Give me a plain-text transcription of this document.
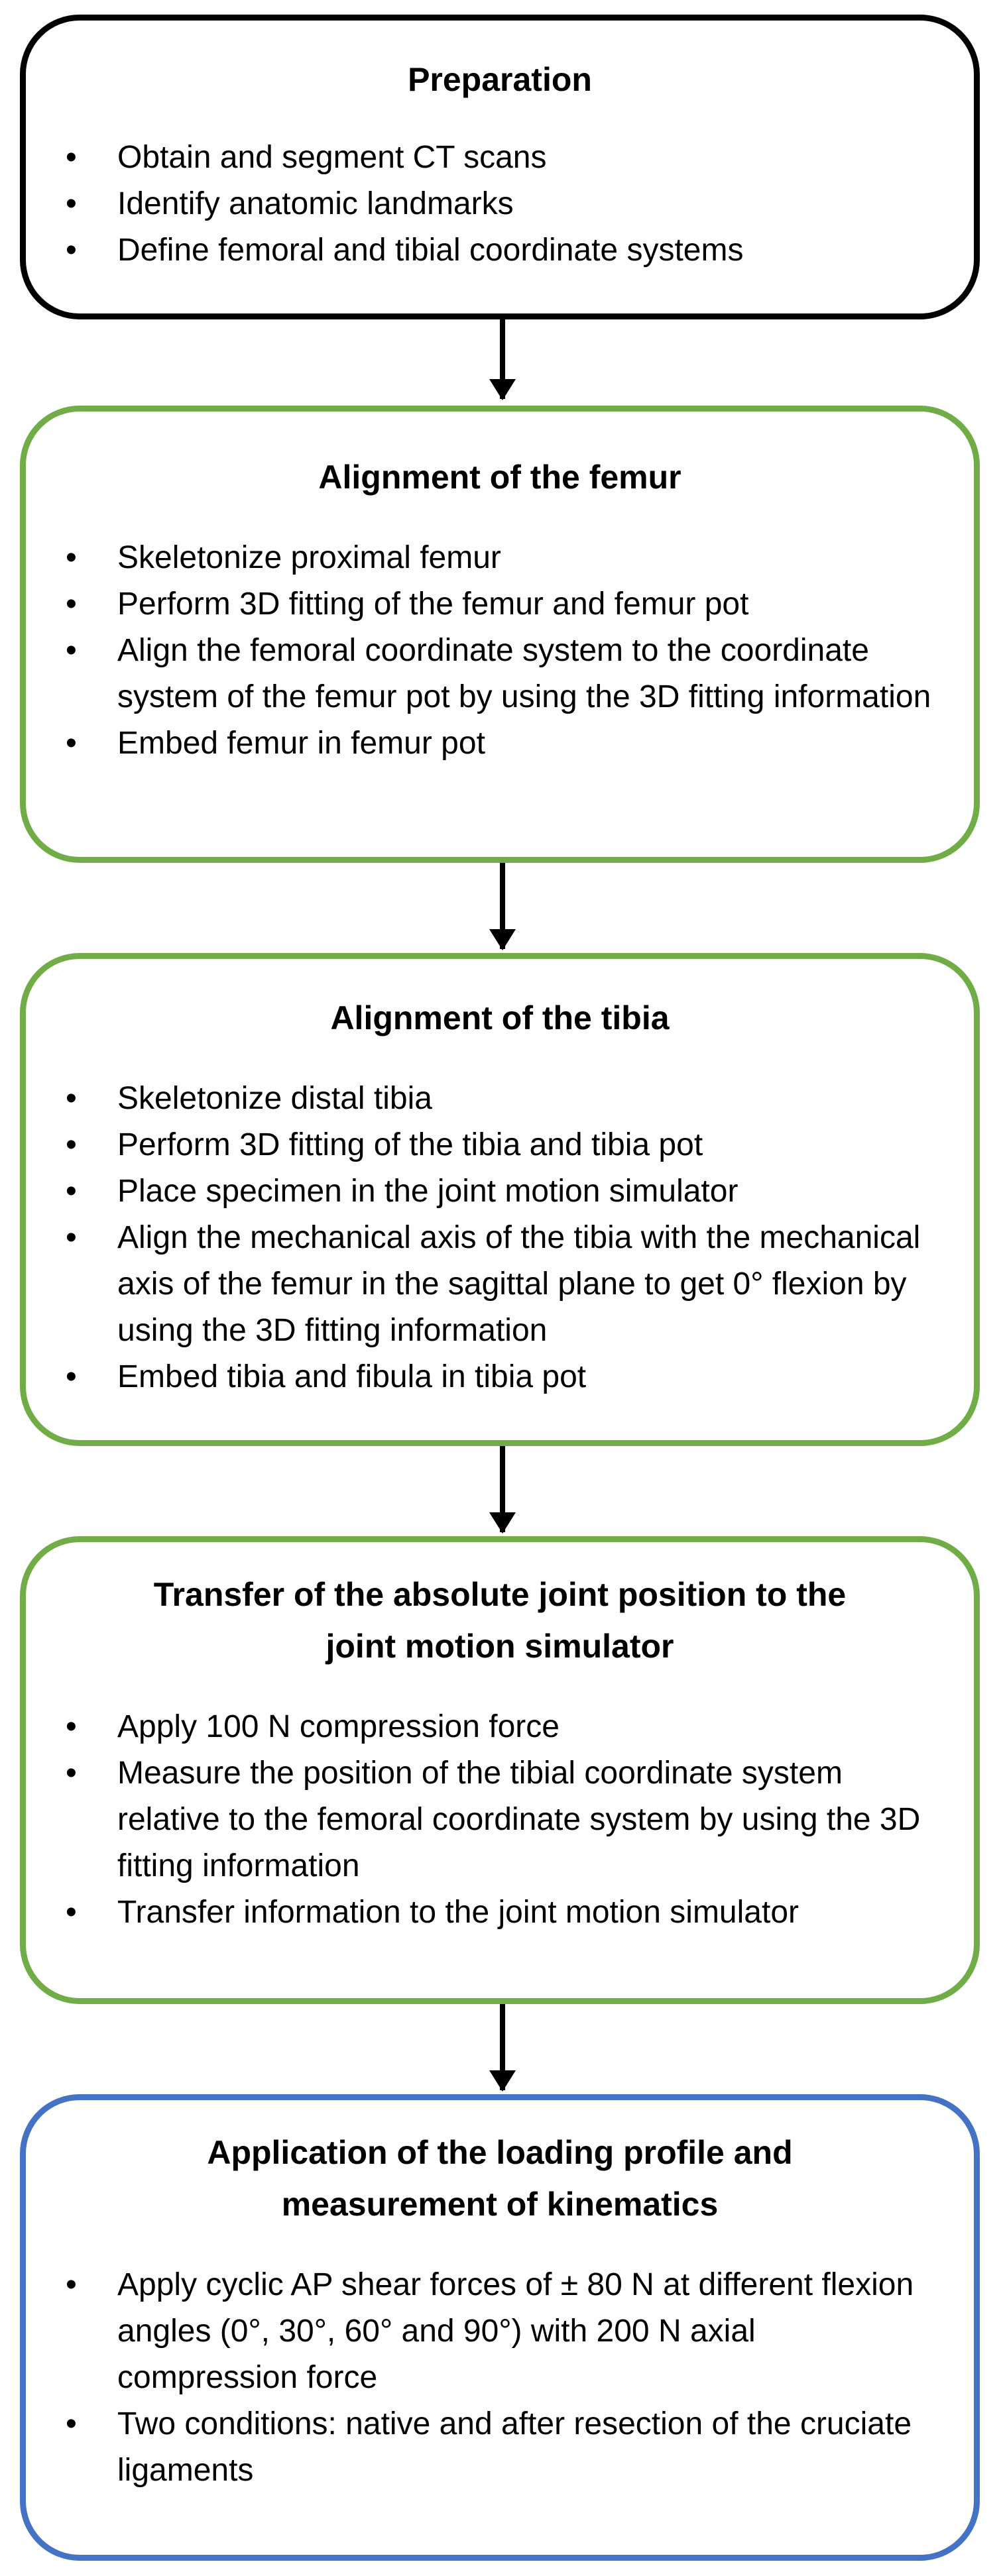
Preparation
• Obtain and segment CT scans
• Identify anatomic landmarks
• Define femoral and tibial coordinate systems
Alignment of the femur
• Skeletonize proximal femur
• Perform 3D fitting of the femur and femur pot
• Align the femoral coordinate system to the coordinate system of the femur pot by using the 3D fitting information
• Embed femur in femur pot
Alignment of the tibia
• Skeletonize distal tibia
• Perform 3D fitting of the tibia and tibia pot
• Place specimen in the joint motion simulator
• Align the mechanical axis of the tibia with the mechanical axis of the femur in the sagittal plane to get 0° flexion by using the 3D fitting information
• Embed tibia and fibula in tibia pot
Transfer of the absolute joint position to the
joint motion simulator
• Apply 100 N compression force
• Measure the position of the tibial coordinate system relative to the femoral coordinate system by using the 3D fitting information
• Transfer information to the joint motion simulator
Application of the loading profile and
measurement of kinematics
• Apply cyclic AP shear forces of ± 80 N at different flexion angles (0°, 30°, 60° and 90°) with 200 N axial compression force
• Two conditions: native and after resection of the cruciate ligaments
